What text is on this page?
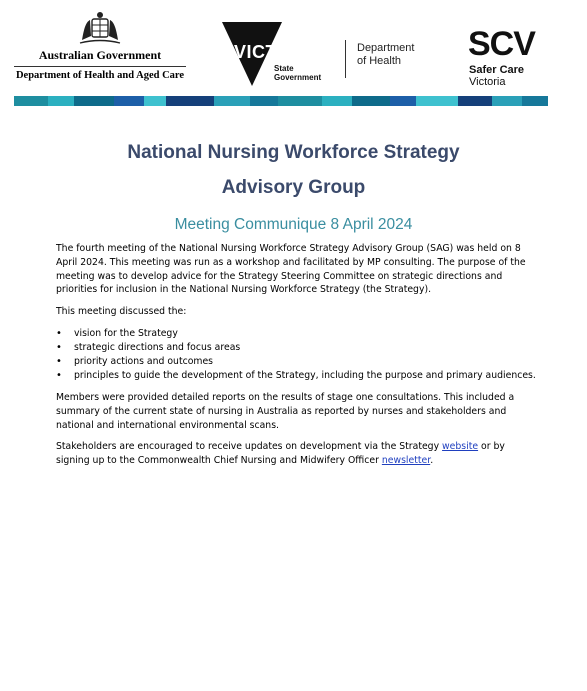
Australian Government
Department of Health and Aged Care
VICTORIA
State
Government
Department
of Health	SCV
Safer Care
Victoria
National Nursing Workforce Strategy
Advisory Group
Meeting Communique 8 April 2024

The fourth meeting of the National Nursing Workforce Strategy Advisory Group (SAG) was held on 8 April 2024. This meeting was run as a workshop and facilitated by MP consulting. The purpose of the meeting was to develop advice for the Strategy Steering Committee on strategic directions and priorities for inclusion in the National Nursing Workforce Strategy (the Strategy).

This meeting discussed the:

• vision for the Strategy
• strategic directions and focus areas
• priority actions and outcomes
• principles to guide the development of the Strategy, including the purpose and primary audiences.

Members were provided detailed reports on the results of stage one consultations. This included a summary of the current state of nursing in Australia as reported by nurses and stakeholders and national and international environmental scans.

Stakeholders are encouraged to receive updates on development via the Strategy website or by signing up to the Commonwealth Chief Nursing and Midwifery Officer newsletter.
